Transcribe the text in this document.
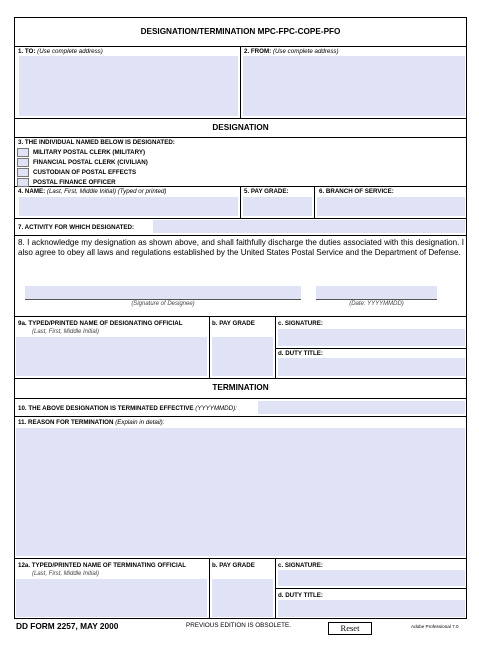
DESIGNATION/TERMINATION MPC-FPC-COPE-PFO
1. TO: (Use complete address)	2. FROM: (Use complete address)
DESIGNATION
3. THE INDIVIDUAL NAMED BELOW IS DESIGNATED:
MILITARY POSTAL CLERK (MILITARY)
FINANCIAL POSTAL CLERK (CIVILIAN)
CUSTODIAN OF POSTAL EFFECTS
POSTAL FINANCE OFFICER
4. NAME: (Last, First, Middle Initial) (Typed or printed)	5. PAY GRADE:	6. BRANCH OF SERVICE:
7. ACTIVITY FOR WHICH DESIGNATED:
8. I acknowledge my designation as shown above, and shall faithfully discharge the duties associated with this designation. I also agree to obey all laws and regulations established by the United States Postal Service and the Department of Defense.
(Signature of Designee)	(Date: YYYYMMDD)
9a. TYPED/PRINTED NAME OF DESIGNATING OFFICIAL
(Last, First, Middle Initial)
b. PAY GRADE	c. SIGNATURE:
d. DUTY TITLE:
TERMINATION
10. THE ABOVE DESIGNATION IS TERMINATED EFFECTIVE (YYYYMMDD):
11. REASON FOR TERMINATION (Explain in detail):
12a. TYPED/PRINTED NAME OF TERMINATING OFFICIAL
(Last, First, Middle Initial)
b. PAY GRADE	c. SIGNATURE:
d. DUTY TITLE:
DD FORM 2257, MAY 2000	PREVIOUS EDITION IS OBSOLETE.	Reset	Adobe Professional 7.0
